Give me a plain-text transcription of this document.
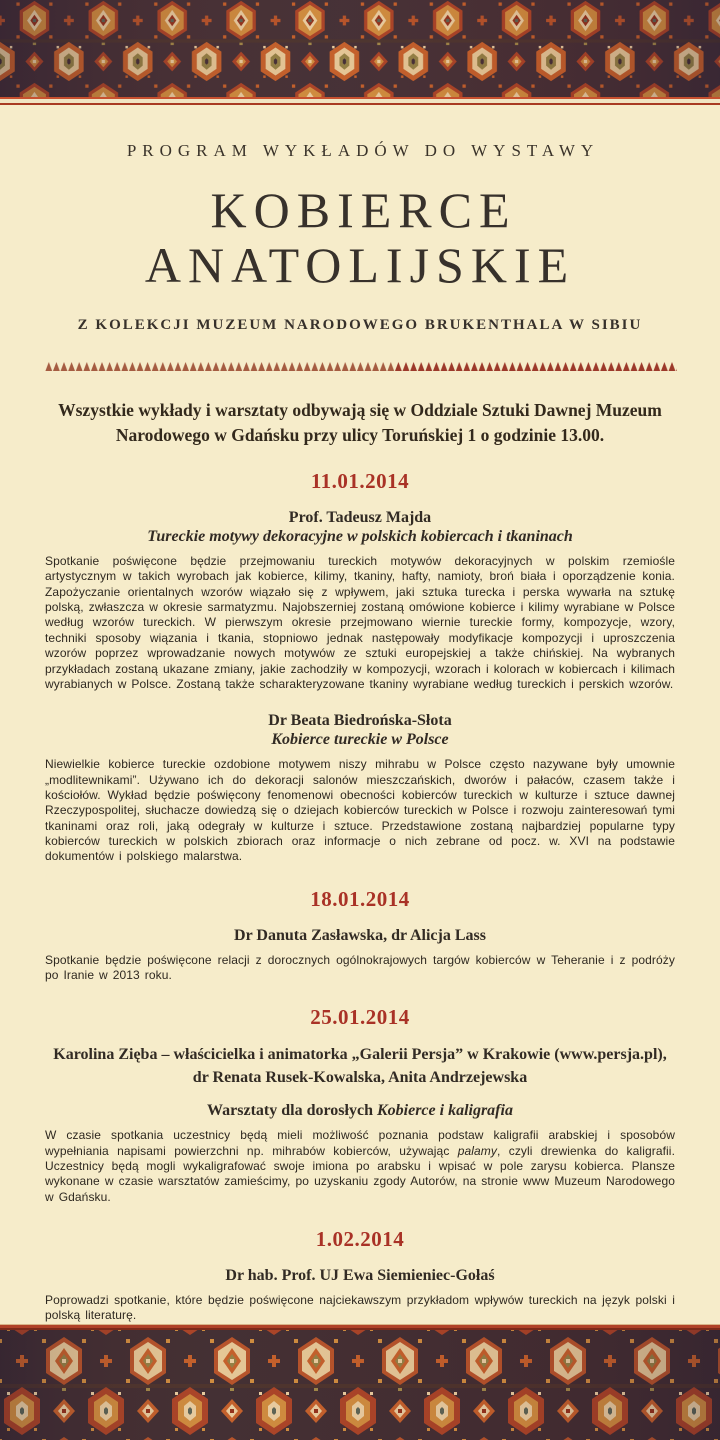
PROGRAM WYKŁADÓW DO WYSTAWY
KOBIERCE
ANATOLIJSKIE
Z KOLEKCJI MUZEUM NARODOWEGO BRUKENTHALA W SIBIU

Wszystkie wykłady i warsztaty odbywają się w Oddziale Sztuki Dawnej Muzeum Narodowego w Gdańsku przy ulicy Toruńskiej 1 o godzinie 13.00.

11.01.2014
Prof. Tadeusz Majda
Tureckie motywy dekoracyjne w polskich kobiercach i tkaninach

Spotkanie poświęcone będzie przejmowaniu tureckich motywów dekoracyjnych w polskim rzemiośle artystycznym w takich wyrobach jak kobierce, kilimy, tkaniny, hafty, namioty, broń biała i oporządzenie konia. Zapożyczanie orientalnych wzorów wiązało się z wpływem, jaki sztuka turecka i perska wywarła na sztukę polską, zwłaszcza w okresie sarmatyzmu. Najobszerniej zostaną omówione kobierce i kilimy wyrabiane w Polsce według wzorów tureckich. W pierwszym okresie przejmowano wiernie tureckie formy, kompozycje, wzory, techniki sposoby wiązania i tkania, stopniowo jednak następowały modyfikacje kompozycji i uproszczenia wzorów poprzez wprowadzanie nowych motywów ze sztuki europejskiej a także chińskiej. Na wybranych przykładach zostaną ukazane zmiany, jakie zachodziły w kompozycji, wzorach i kolorach w kobiercach i kilimach wyrabianych w Polsce. Zostaną także scharakteryzowane tkaniny wyrabiane według tureckich i perskich wzorów.

Dr Beata Biedrońska-Słota
Kobierce tureckie w Polsce

Niewielkie kobierce tureckie ozdobione motywem niszy mihrabu w Polsce często nazywane były umownie „modlitewnikami”. Używano ich do dekoracji salonów mieszczańskich, dworów i pałaców, czasem także i kościołów. Wykład będzie poświęcony fenomenowi obecności kobierców tureckich w kulturze i sztuce dawnej Rzeczypospolitej, słuchacze dowiedzą się o dziejach kobierców tureckich w Polsce i rozwoju zainteresowań tymi tkaninami oraz roli, jaką odegrały w kulturze i sztuce. Przedstawione zostaną najbardziej popularne typy kobierców tureckich w polskich zbiorach oraz informacje o nich zebrane od pocz. w. XVI na podstawie dokumentów i polskiego malarstwa.

18.01.2014
Dr Danuta Zasławska, dr Alicja Lass

Spotkanie będzie poświęcone relacji z dorocznych ogólnokrajowych targów kobierców w Teheranie i z podróży po Iranie w 2013 roku.

25.01.2014
Karolina Zięba – właścicielka i animatorka „Galerii Persja” w Krakowie (www.persja.pl),
dr Renata Rusek-Kowalska, Anita Andrzejewska
Warsztaty dla dorosłych Kobierce i kaligrafia

W czasie spotkania uczestnicy będą mieli możliwość poznania podstaw kaligrafii arabskiej i sposobów wypełniania napisami powierzchni np. mihrabów kobierców, używając palamy, czyli drewienka do kaligrafii. Uczestnicy będą mogli wykaligrafować swoje imiona po arabsku i wpisać w pole zarysu kobierca. Plansze wykonane w czasie warsztatów zamieścimy, po uzyskaniu zgody Autorów, na stronie www Muzeum Narodowego w Gdańsku.

1.02.2014
Dr hab. Prof. UJ Ewa Siemieniec-Gołaś

Poprowadzi spotkanie, które będzie poświęcone najciekawszym przykładom wpływów tureckich na język polski i polską literaturę.
